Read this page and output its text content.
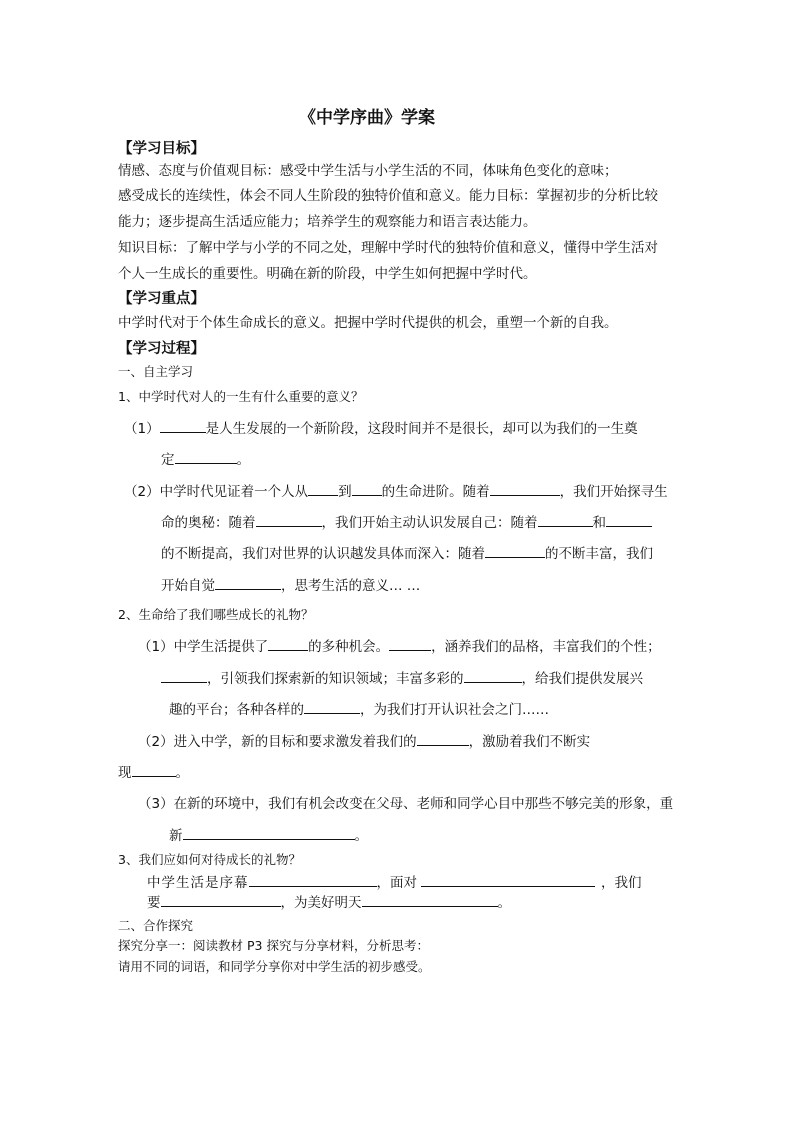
《中学序曲》学案
【学习目标】
情感、态度与价值观目标：感受中学生活与小学生活的不同，体味角色变化的意味；
感受成长的连续性，体会不同人生阶段的独特价值和意义。能力目标：掌握初步的分析比较
能力；逐步提高生活适应能力；培养学生的观察能力和语言表达能力。
知识目标：了解中学与小学的不同之处，理解中学时代的独特价值和意义，懂得中学生活对
个人一生成长的重要性。明确在新的阶段，中学生如何把握中学时代。
【学习重点】
中学时代对于个体生命成长的意义。把握中学时代提供的机会，重塑一个新的自我。
【学习过程】
一、自主学习
1、中学时代对人的一生有什么重要的意义？
（1）	是人生发展的一个新阶段，这段时间并不是很长，却可以为我们的一生奠
定	。
（2）中学时代见证着一个人从 到 的生命进阶。随着	，我们开始探寻生
命的奥秘：随着	，我们开始主动认识发展自己：随着	和
的不断提高，我们对世界的认识越发具体而深入：随着	的不断丰富，我们
开始自觉	，思考生活的意义… …
2、生命给了我们哪些成长的礼物？
（1）中学生活提供了	的多种机会。	，涵养我们的品格，丰富我们的个性；
，引领我们探索新的知识领域；丰富多彩的	，给我们提供发展兴
趣的平台；各种各样的	，为我们打开认识社会之门……
（2）进入中学，新的目标和要求激发着我们的	，激励着我们不断实
现	。
（3）在新的环境中，我们有机会改变在父母、老师和同学心目中那些不够完美的形象，重
新	。
3、我们应如何对待成长的礼物？
中学生活是序幕	，面对	，我们
要	，为美好明天	。
二、合作探究
探究分享一：阅读教材 P3 探究与分享材料，分析思考：
请用不同的词语，和同学分享你对中学生活的初步感受。
